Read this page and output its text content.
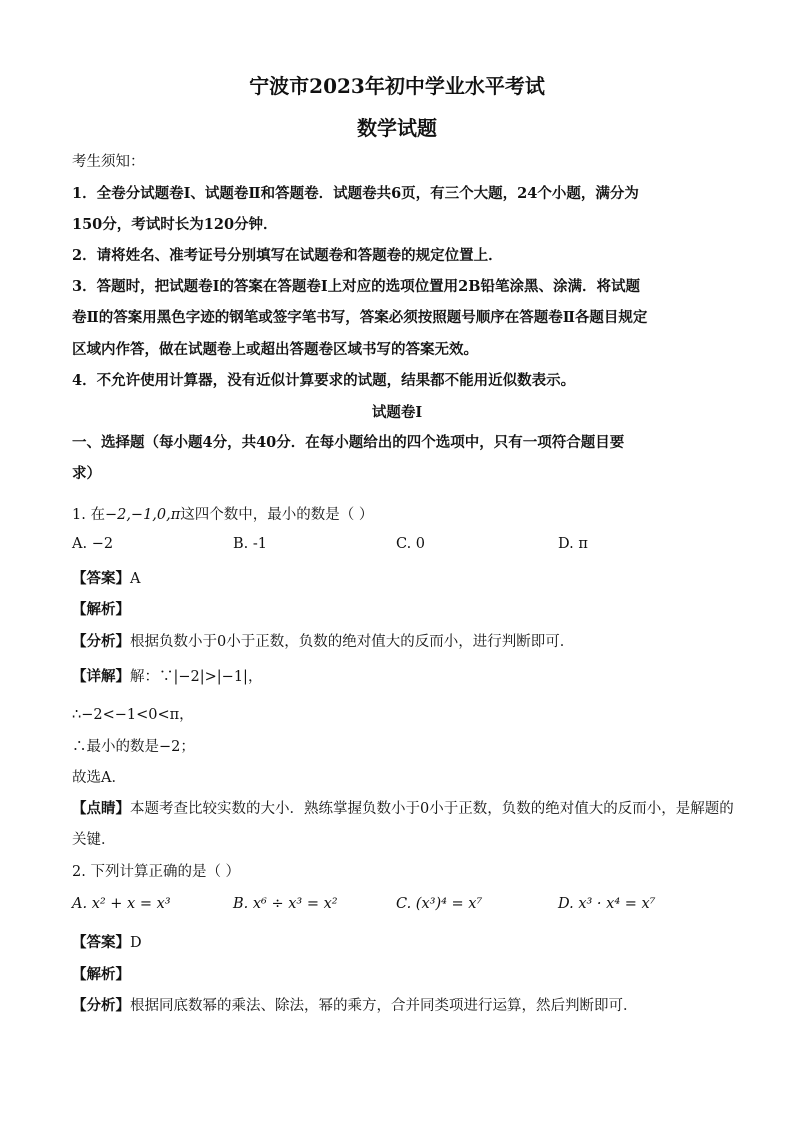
宁波市2023年初中学业水平考试
数学试题
考生须知：
1．全卷分试题卷Ⅰ、试题卷Ⅱ和答题卷．试题卷共6页，有三个大题，24个小题，满分为
150分，考试时长为120分钟．
2．请将姓名、准考证号分别填写在试题卷和答题卷的规定位置上．
3．答题时，把试题卷Ⅰ的答案在答题卷Ⅰ上对应的选项位置用2B铅笔涂黑、涂满．将试题
卷Ⅱ的答案用黑色字迹的钢笔或签字笔书写，答案必须按照题号顺序在答题卷Ⅱ各题目规定
区域内作答，做在试题卷上或超出答题卷区域书写的答案无效。
4．不允许使用计算器，没有近似计算要求的试题，结果都不能用近似数表示。
试题卷Ⅰ
一、选择题（每小题4分，共40分．在每小题给出的四个选项中，只有一项符合题目要
求）
1. 在−2,−1,0,π这四个数中，最小的数是（ ）
A. −2	B. -1	C. 0	D. π
【答案】A
【解析】
【分析】根据负数小于0小于正数，负数的绝对值大的反而小，进行判断即可．
【详解】解：∵|−2|>|−1|，
∴−2<−1<0<π，
∴最小的数是−2；
故选A．
【点睛】本题考查比较实数的大小．熟练掌握负数小于0小于正数，负数的绝对值大的反而小，是解题的
关键．
2. 下列计算正确的是（ ）
A. x² + x = x³	B. x⁶ ÷ x³ = x²	C. (x³)⁴ = x⁷	D. x³ · x⁴ = x⁷
【答案】D
【解析】
【分析】根据同底数幂的乘法、除法，幂的乘方，合并同类项进行运算，然后判断即可．
